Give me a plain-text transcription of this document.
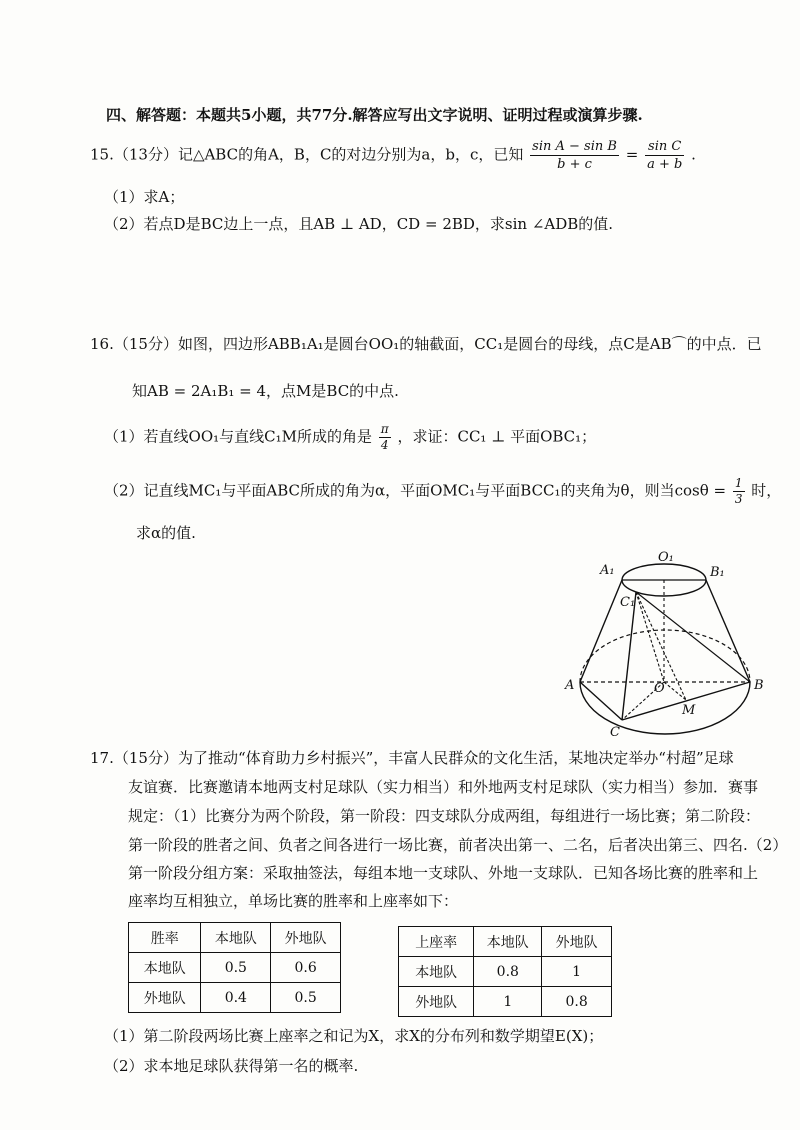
四、解答题：本题共5小题，共77分.解答应写出文字说明、证明过程或演算步骤.
15.（13分）记△ABC的角A，B，C的对边分别为a，b，c，已知 $\frac{\text{sin A − sin B}}{b + c} = \frac{\text{sin C}}{a + b}$ .
（1）求A；
（2）若点D是BC边上一点，且AB ⊥ AD，CD = 2BD，求sin ∠ADB的值.
16.（15分）如图，四边形ABB₁A₁是圆台OO₁的轴截面，CC₁是圆台的母线，点C是AB⌒的中点．已
知AB = 2A₁B₁ = 4，点M是BC的中点.
（1）若直线OO₁与直线C₁M所成的角是 $\frac{\pi}{4}$ ，求证：CC₁ ⊥ 平面OBC₁；
（2）记直线MC₁与平面ABC所成的角为α，平面OMC₁与平面BCC₁的夹角为θ，则当$\cos\theta = \frac{1}{3}$ 时，
求α的值.
A₁
O₁
B₁
C₁
A	O
M
B
C
17.（15分）为了推动“体育助力乡村振兴”，丰富人民群众的文化生活，某地决定举办“村超”足球
友谊赛．比赛邀请本地两支村足球队（实力相当）和外地两支村足球队（实力相当）参加．赛事
规定：（1）比赛分为两个阶段，第一阶段：四支球队分成两组，每组进行一场比赛；第二阶段：
第一阶段的胜者之间、负者之间各进行一场比赛，前者决出第一、二名，后者决出第三、四名.（2）
第一阶段分组方案：采取抽签法，每组本地一支球队、外地一支球队．已知各场比赛的胜率和上
座率均互相独立，单场比赛的胜率和上座率如下：
胜率	本地队	外地队
本地队	0.5	0.6
外地队	0.4	0.5
上座率	本地队	外地队
本地队	0.8	1
外地队	1	0.8
（1）第二阶段两场比赛上座率之和记为X，求X的分布列和数学期望E(X)；
（2）求本地足球队获得第一名的概率.
